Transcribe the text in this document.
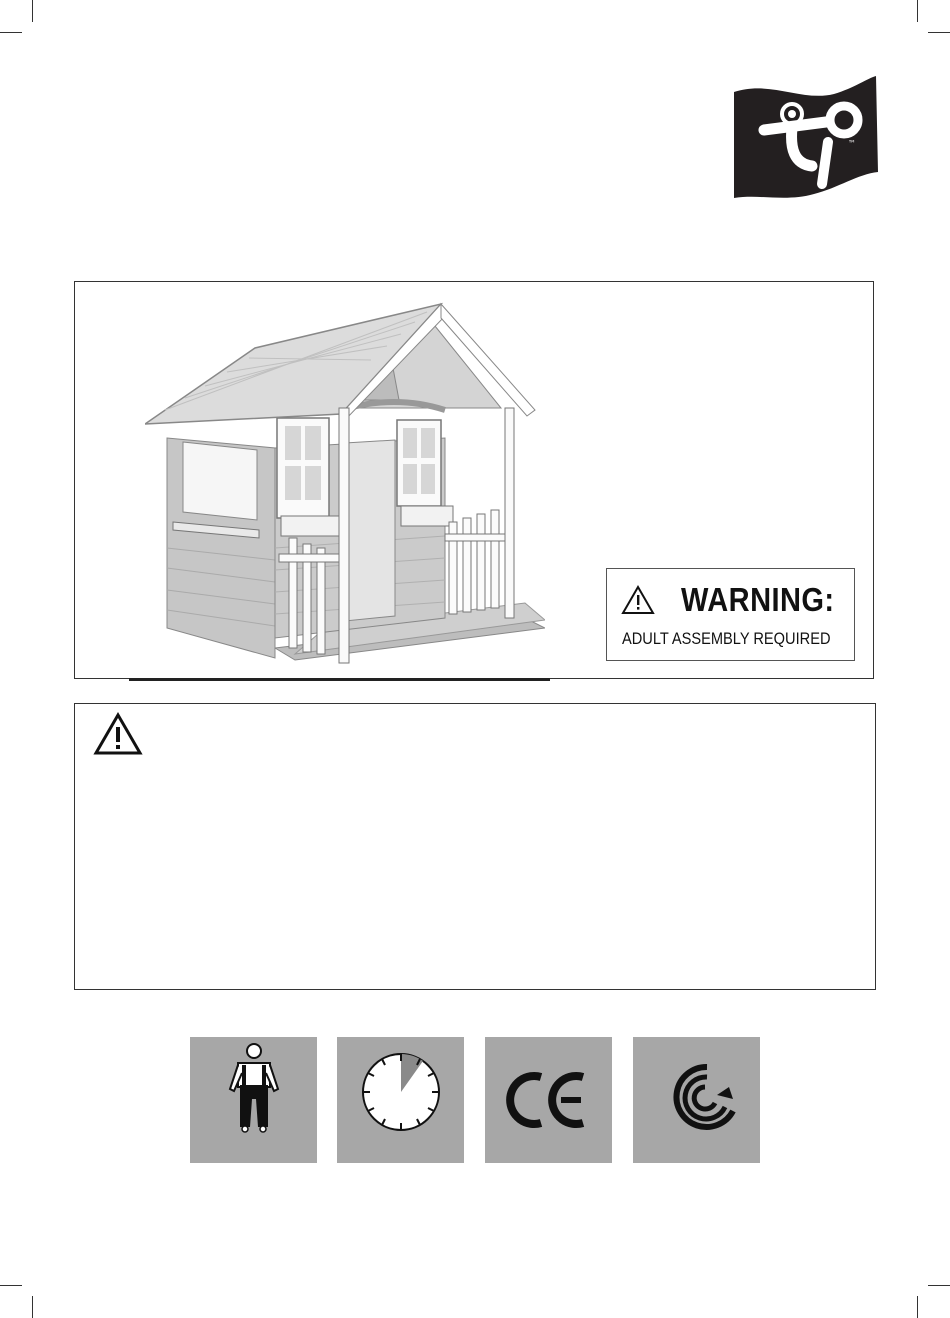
™
WARNING:
ADULT ASSEMBLY REQUIRED
